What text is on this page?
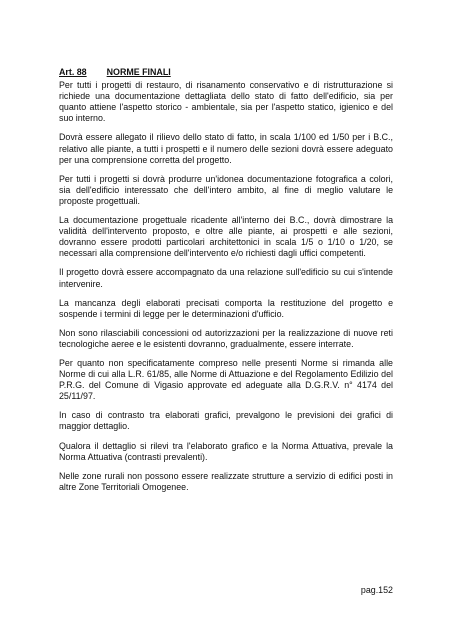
Art. 88 NORME FINALI

Per tutti i progetti di restauro, di risanamento conservativo e di ristrutturazione si richiede una documentazione dettagliata dello stato di fatto dell'edificio, sia per quanto attiene l'aspetto storico - ambientale, sia per l'aspetto statico, igienico e del suo interno.

Dovrà essere allegato il rilievo dello stato di fatto, in scala 1/100 ed 1/50 per i B.C., relativo alle piante, a tutti i prospetti e il numero delle sezioni dovrà essere adeguato per una comprensione corretta del progetto.

Per tutti i progetti si dovrà produrre un'idonea documentazione fotografica a colori, sia dell'edificio interessato che dell'intero ambito, al fine di meglio valutare le proposte progettuali.

La documentazione progettuale ricadente all'interno dei B.C., dovrà dimostrare la validità dell'intervento proposto, e oltre alle piante, ai prospetti e alle sezioni, dovranno essere prodotti particolari architettonici in scala 1/5 o 1/10 o 1/20, se necessari alla comprensione dell'intervento e/o richiesti dagli uffici competenti.

Il progetto dovrà essere accompagnato da una relazione sull'edificio su cui s'intende intervenire.

La mancanza degli elaborati precisati comporta la restituzione del progetto e sospende i termini di legge per le determinazioni d'ufficio.

Non sono rilasciabili concessioni od autorizzazioni per la realizzazione di nuove reti tecnologiche aeree e le esistenti dovranno, gradualmente, essere interrate.

Per quanto non specificatamente compreso nelle presenti Norme si rimanda alle Norme di cui alla L.R. 61/85, alle Norme di Attuazione e del Regolamento Edilizio del P.R.G. del Comune di Vigasio approvate ed adeguate alla D.G.R.V. n° 4174 del 25/11/97.

In caso di contrasto tra elaborati grafici, prevalgono le previsioni dei grafici di maggior dettaglio.

Qualora il dettaglio si rilevi tra l'elaborato grafico e la Norma Attuativa, prevale la Norma Attuativa (contrasti prevalenti).

Nelle zone rurali non possono essere realizzate strutture a servizio di edifici posti in altre Zone Territoriali Omogenee.

pag.152
